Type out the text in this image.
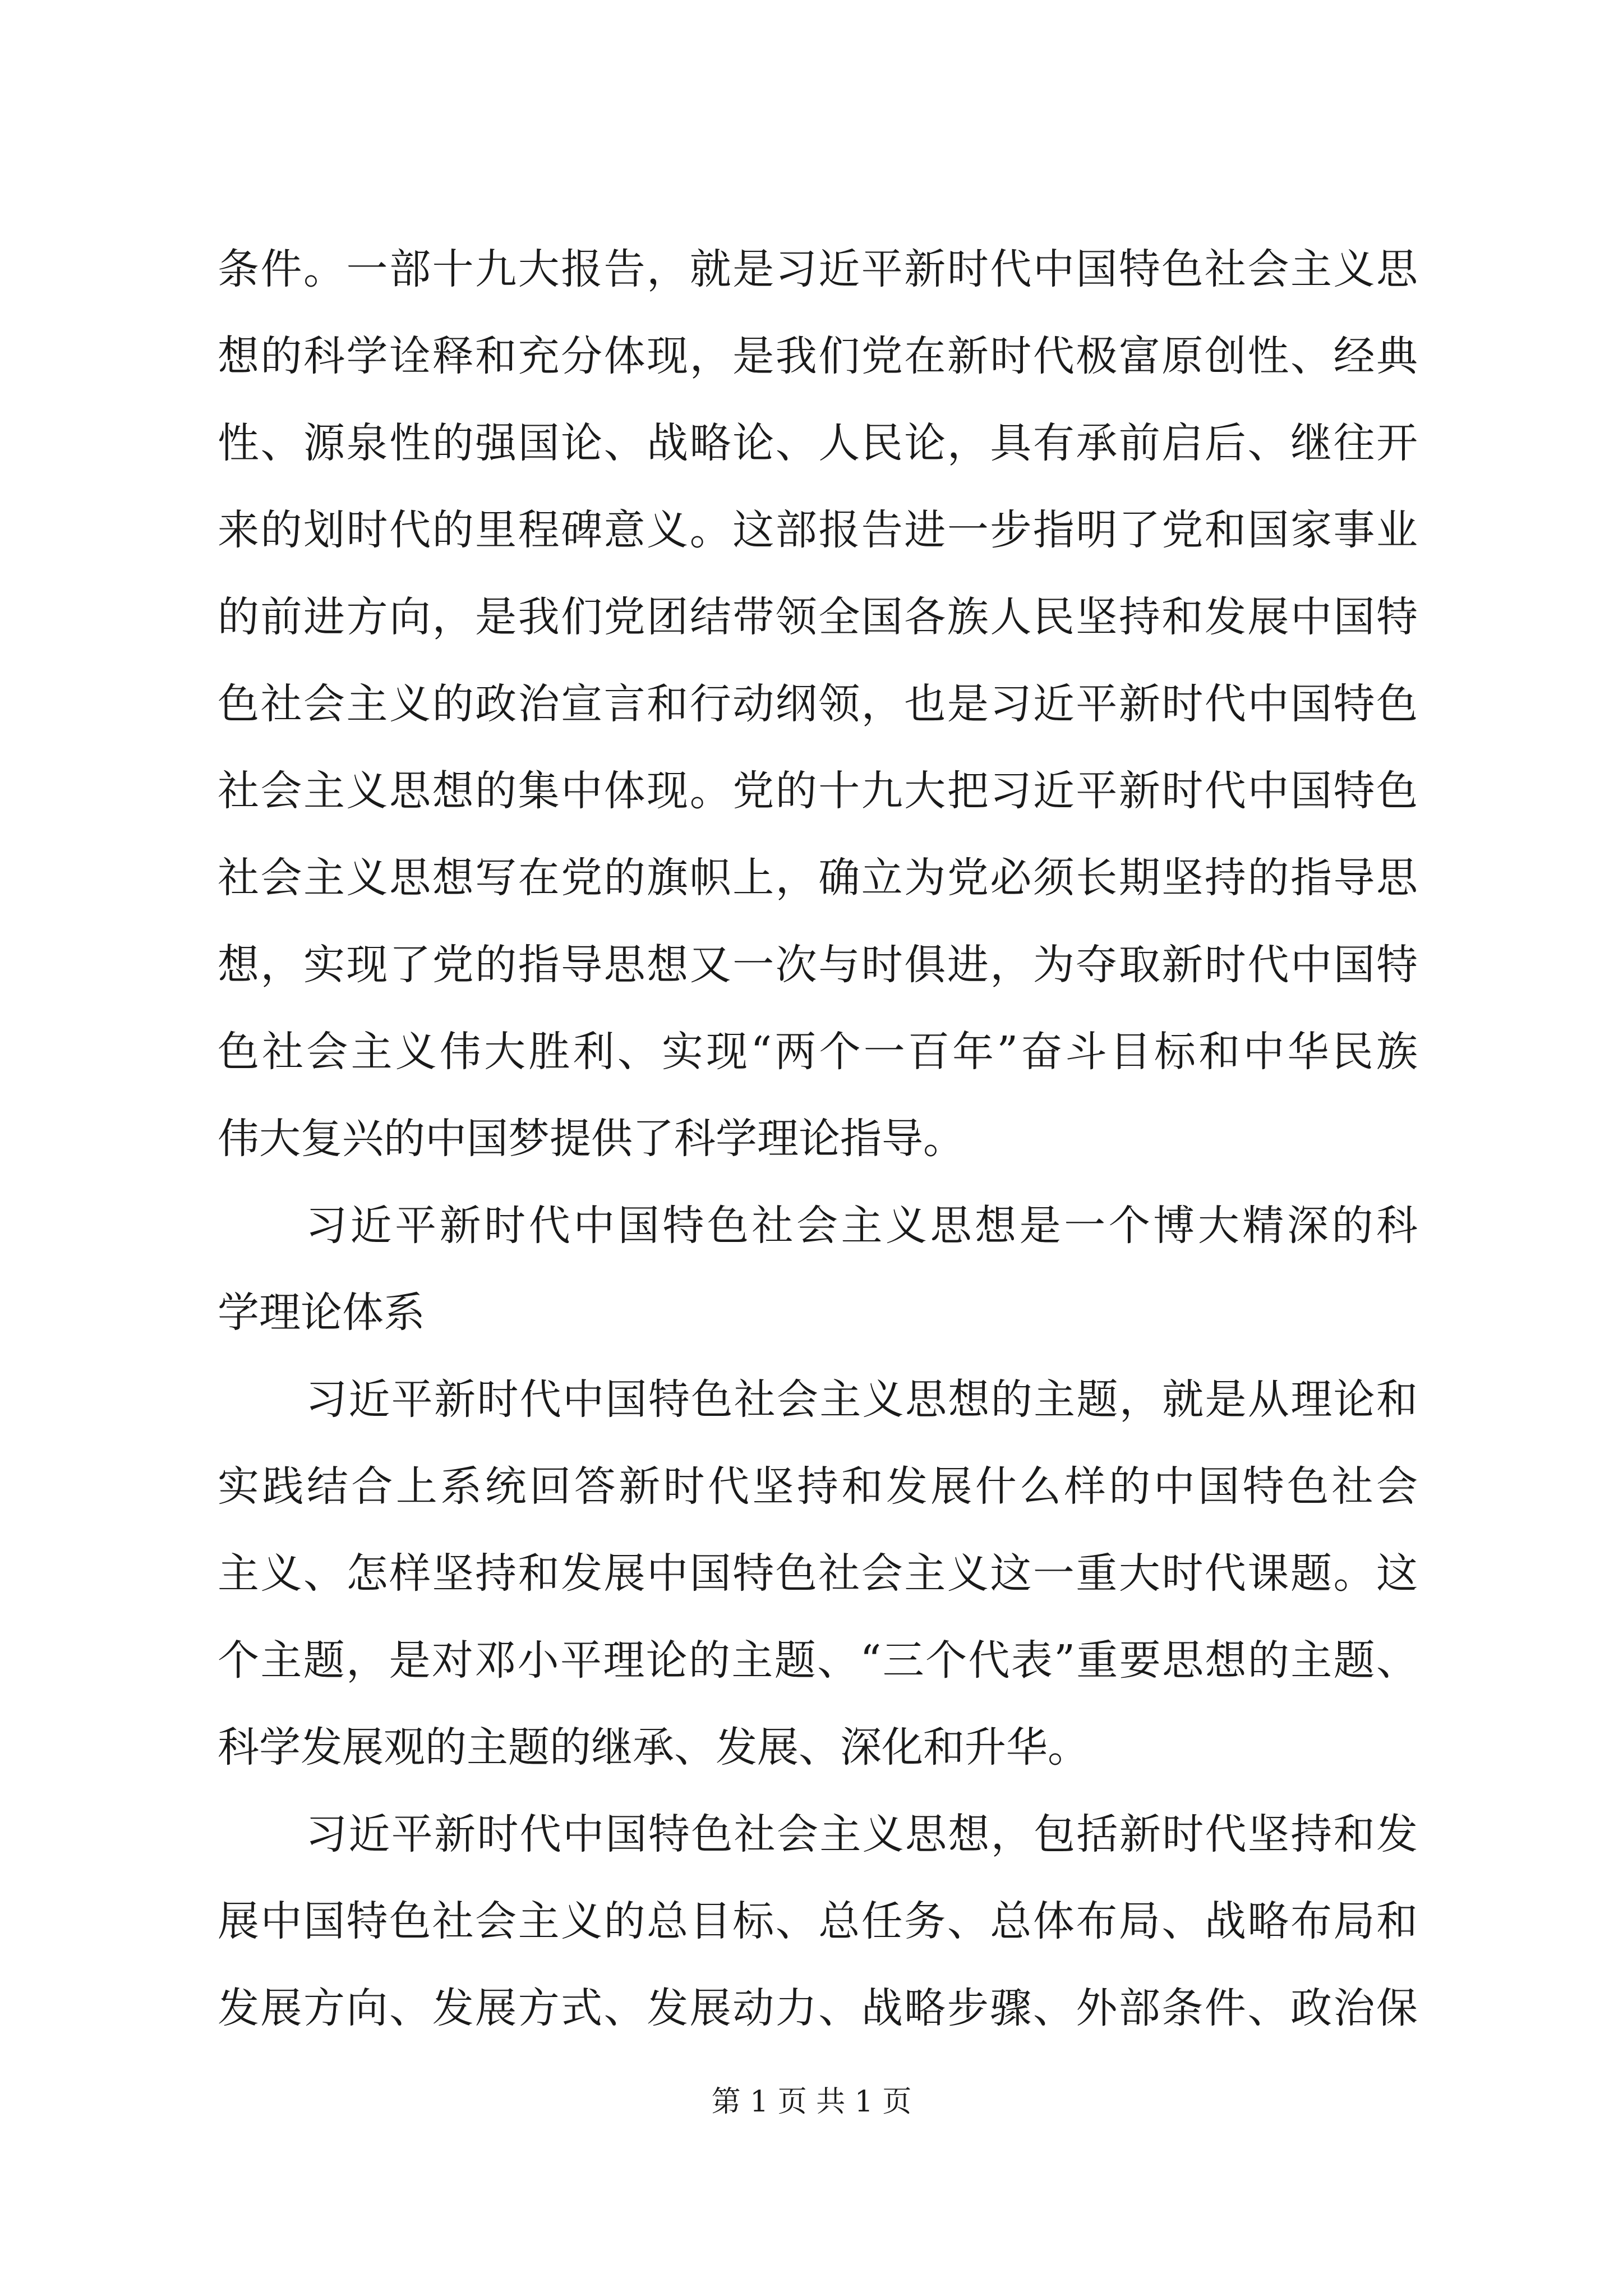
条件。一部十九大报告，就是习近平新时代中国特色社会主义思
想的科学诠释和充分体现，是我们党在新时代极富原创性、经典
性、源泉性的强国论、战略论、人民论，具有承前启后、继往开
来的划时代的里程碑意义。这部报告进一步指明了党和国家事业
的前进方向，是我们党团结带领全国各族人民坚持和发展中国特
色社会主义的政治宣言和行动纲领，也是习近平新时代中国特色
社会主义思想的集中体现。党的十九大把习近平新时代中国特色
社会主义思想写在党的旗帜上，确立为党必须长期坚持的指导思
想，实现了党的指导思想又一次与时俱进，为夺取新时代中国特
色社会主义伟大胜利、实现“两个一百年”奋斗目标和中华民族
伟大复兴的中国梦提供了科学理论指导。
习近平新时代中国特色社会主义思想是一个博大精深的科
学理论体系
习近平新时代中国特色社会主义思想的主题，就是从理论和
实践结合上系统回答新时代坚持和发展什么样的中国特色社会
主义、怎样坚持和发展中国特色社会主义这一重大时代课题。这
个主题，是对邓小平理论的主题、“三个代表”重要思想的主题、
科学发展观的主题的继承、发展、深化和升华。
习近平新时代中国特色社会主义思想，包括新时代坚持和发
展中国特色社会主义的总目标、总任务、总体布局、战略布局和
发展方向、发展方式、发展动力、战略步骤、外部条件、政治保
第 1 页 共 1 页
